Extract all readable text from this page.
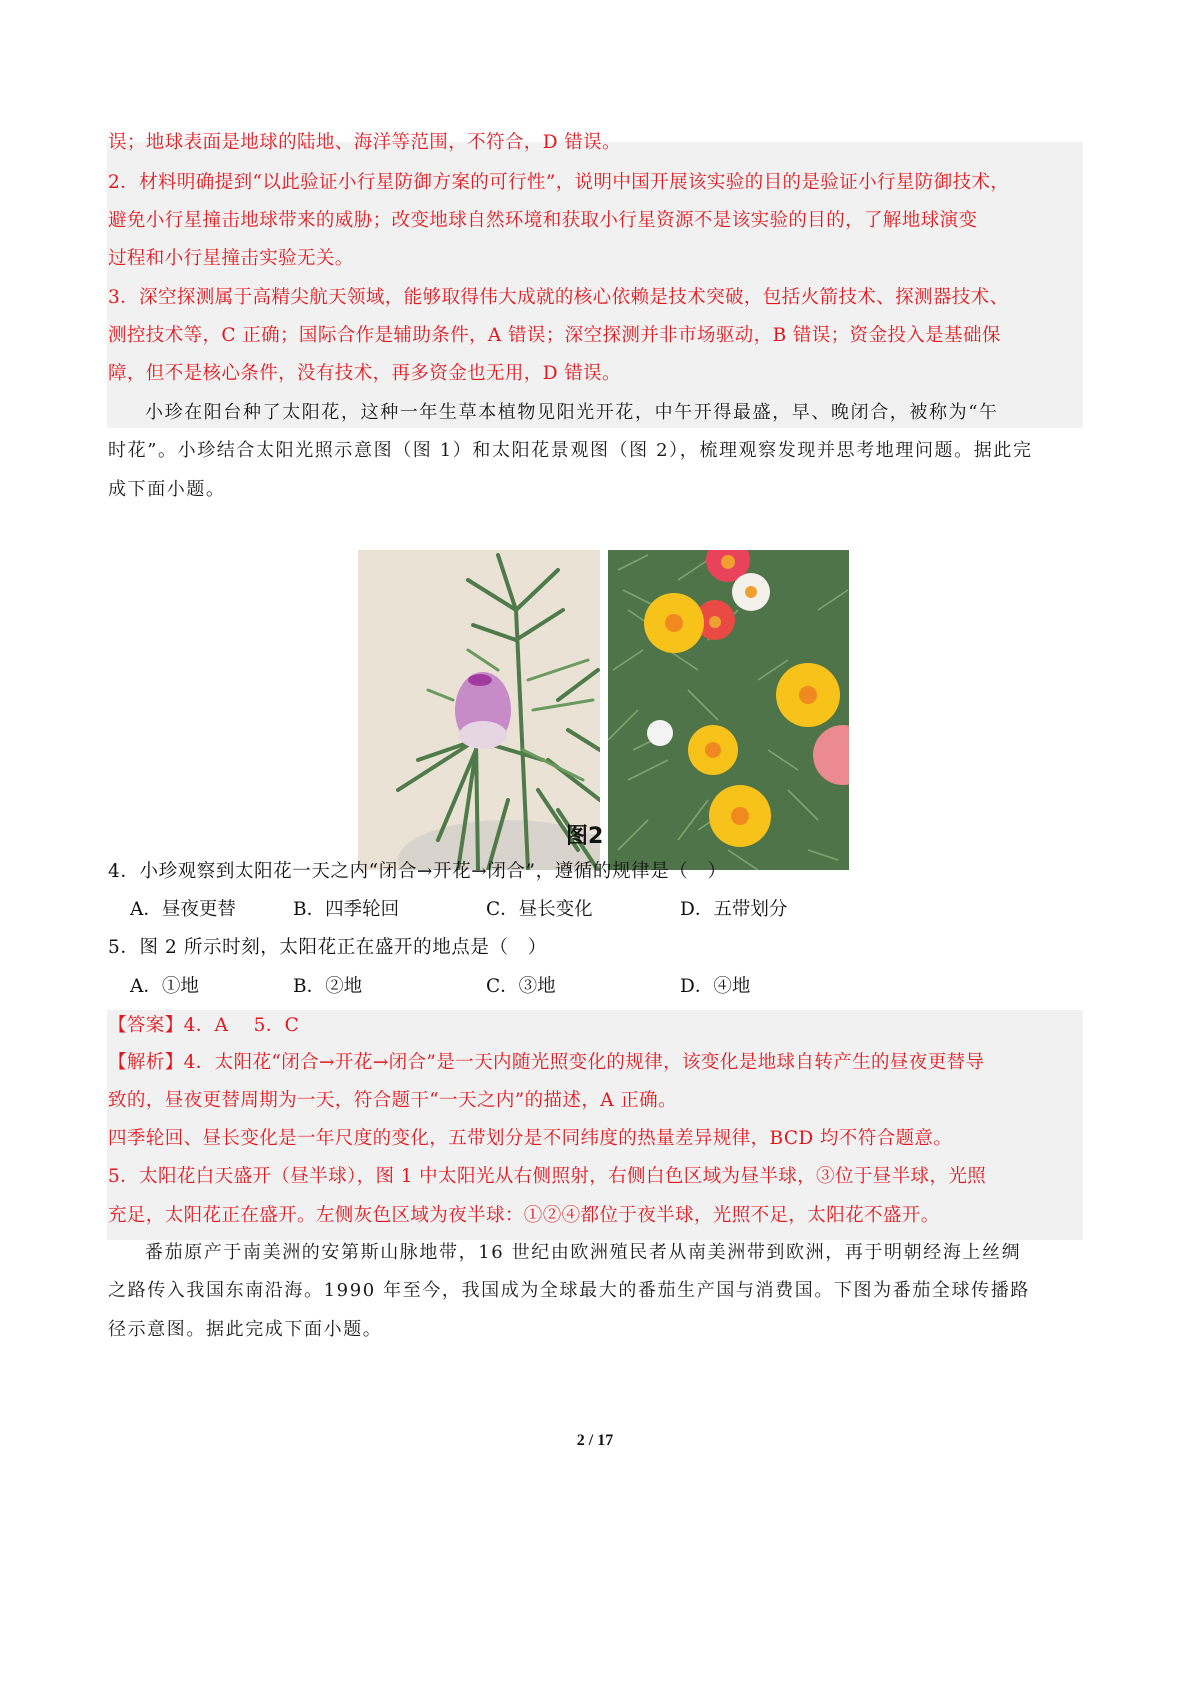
误；地球表面是地球的陆地、海洋等范围，不符合，D 错误。
2．材料明确提到“以此验证小行星防御方案的可行性”，说明中国开展该实验的目的是验证小行星防御技术，
避免小行星撞击地球带来的威胁；改变地球自然环境和获取小行星资源不是该实验的目的，了解地球演变
过程和小行星撞击实验无关。
3．深空探测属于高精尖航天领域，能够取得伟大成就的核心依赖是技术突破，包括火箭技术、探测器技术、
测控技术等，C 正确；国际合作是辅助条件，A 错误；深空探测并非市场驱动，B 错误；资金投入是基础保
障，但不是核心条件，没有技术，再多资金也无用，D 错误。
小珍在阳台种了太阳花，这种一年生草本植物见阳光开花，中午开得最盛，早、晚闭合，被称为“午
时花”。小珍结合太阳光照示意图（图 1）和太阳花景观图（图 2），梳理观察发现并思考地理问题。据此完
成下面小题。
图2
4．小珍观察到太阳花一天之内“闭合→开花→闭合”，遵循的规律是（　）
A．昼夜更替	B．四季轮回	C．昼长变化	D．五带划分
5．图 2 所示时刻，太阳花正在盛开的地点是（　）
A．①地	B．②地	C．③地	D．④地
【答案】4．A　 5．C
【解析】4．太阳花“闭合→开花→闭合”是一天内随光照变化的规律，该变化是地球自转产生的昼夜更替导
致的，昼夜更替周期为一天，符合题干“一天之内”的描述，A 正确。
四季轮回、昼长变化是一年尺度的变化，五带划分是不同纬度的热量差异规律，BCD 均不符合题意。
5．太阳花白天盛开（昼半球），图 1 中太阳光从右侧照射，右侧白色区域为昼半球，③位于昼半球，光照
充足，太阳花正在盛开。左侧灰色区域为夜半球：①②④都位于夜半球，光照不足，太阳花不盛开。
番茄原产于南美洲的安第斯山脉地带，16 世纪由欧洲殖民者从南美洲带到欧洲，再于明朝经海上丝绸
之路传入我国东南沿海。1990 年至今，我国成为全球最大的番茄生产国与消费国。下图为番茄全球传播路
径示意图。据此完成下面小题。
2 / 17
